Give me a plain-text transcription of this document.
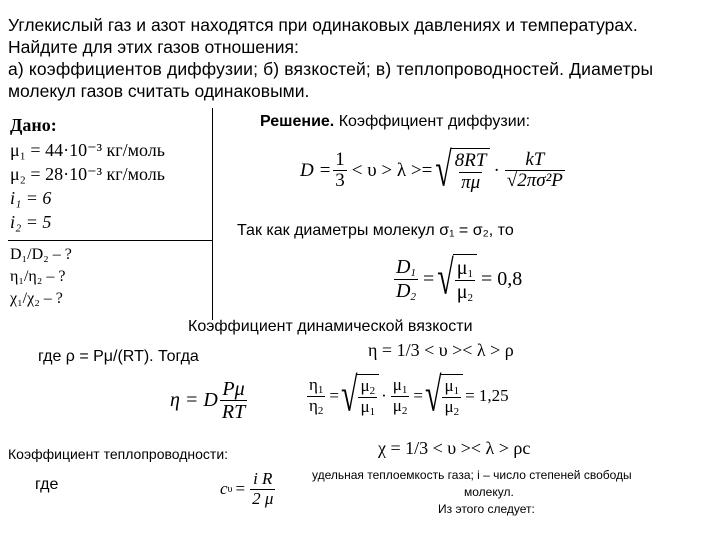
Углекислый газ и азот находятся при одинаковых давлениях и температурах.
Найдите для этих газов отношения:
а) коэффициентов диффузии; б) вязкостей; в) теплопроводностей. Диаметры
молекул газов считать одинаковыми.
Дано:
μ₁ = 44·10⁻³ кг/моль
μ₂ = 28·10⁻³ кг/моль
i₁ = 6
i₂ = 5
D₁/D₂ – ?
η₁/η₂ – ?
χ₁/χ₂ – ?
Решение. Коэффициент диффузии:
$D = \frac{1}{3} < \upsilon > \lambda$ >= √ $\frac{8RT}{\pi\mu} \cdot \frac{kT}{\text{√2πσ²P}}$
Так как диаметры молекул σ₁ = σ₂, то
$\frac{D_1}{D_2}$ = √ $\frac{\mu_1}{\mu_2} = 0,8$
Коэффициент динамической вязкости
η = 1/3 < υ >< λ > ρ
где ρ = Pμ/(RT). Тогда
η = D $\frac{P\mu}{RT}$	$\frac{\eta_1}{\eta_2}$ = √ $\frac{\mu_2}{\mu_1} \cdot \frac{\mu_1}{\mu_2}$ = √ $\frac{\mu_1}{\mu_2} = 1,25$
Коэффициент теплопроводности:	χ = 1/3 < υ >< λ > ρc
где	c $\upsilon = \frac{\text{i R}}{2 \mu}$	удельная теплоемкость газа; i – число степеней свободы
молекул.
Из этого следует:
